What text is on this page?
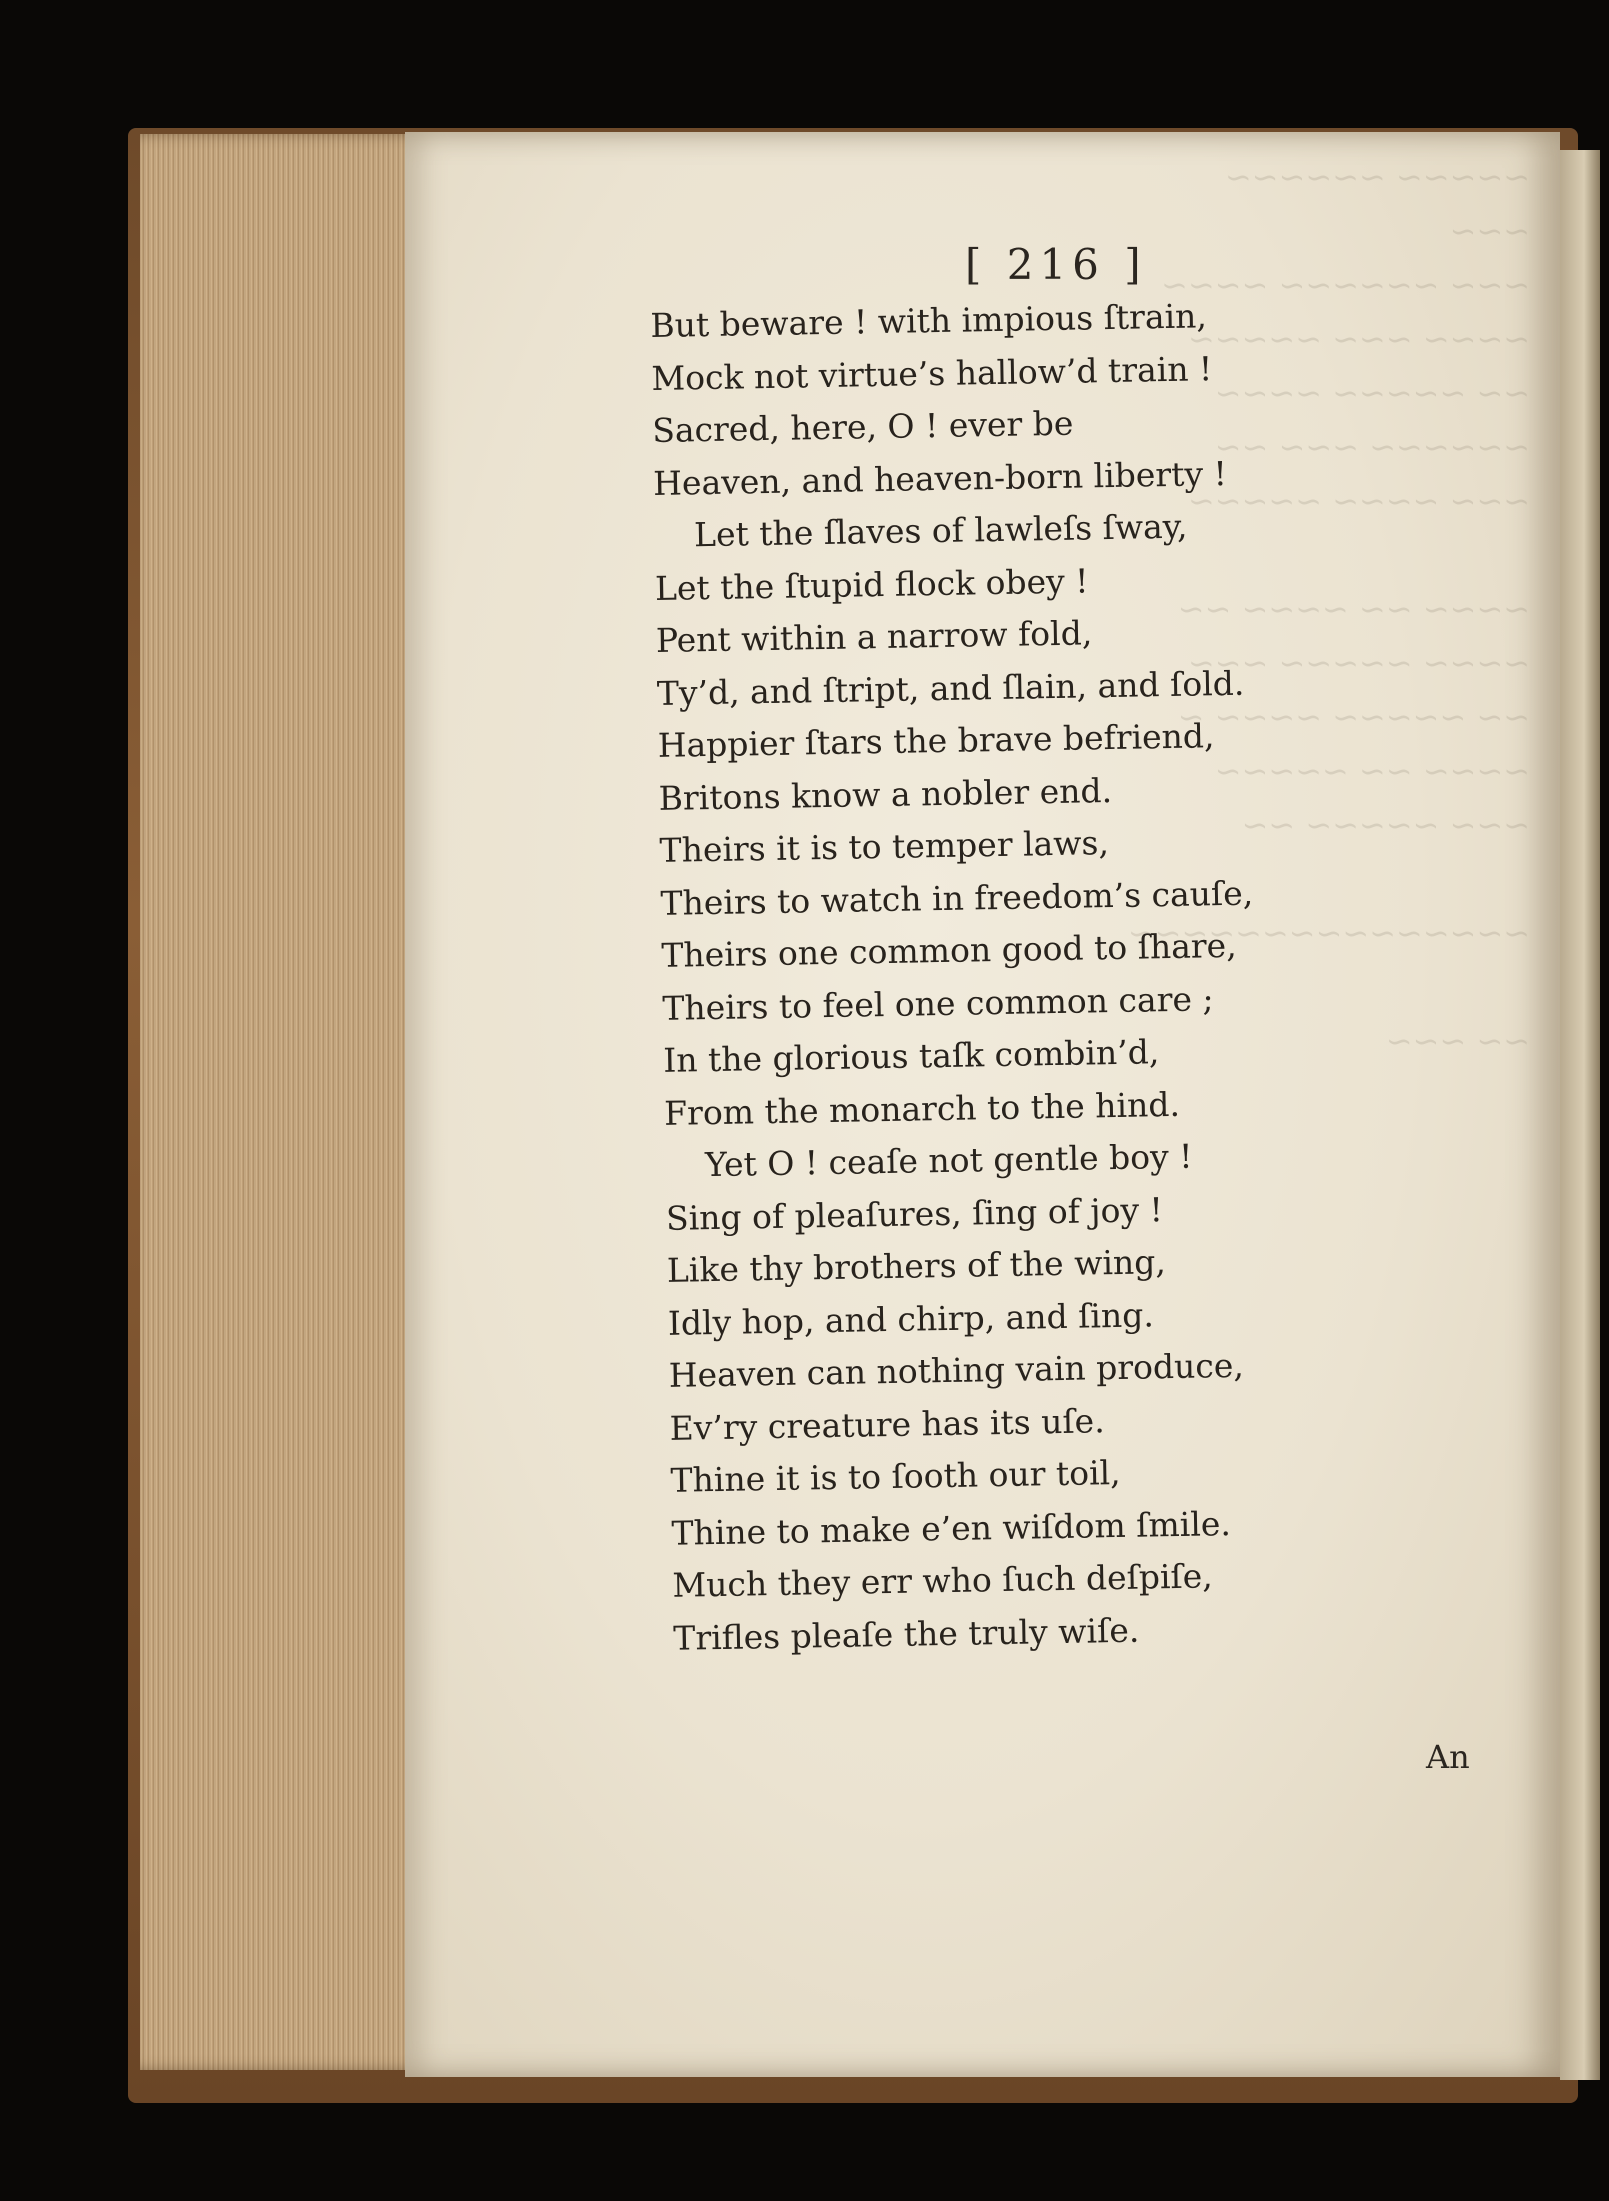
[ 216 ]
But beware ! with impious ſtrain,
Mock not virtue’s hallow’d train !
Sacred, here, O ! ever be
Heaven, and heaven-born liberty !
Let the ſlaves of lawleſs ſway,
Let the ſtupid flock obey !
Pent within a narrow fold,
Ty’d, and ſtript, and ſlain, and ſold.
Happier ſtars the brave befriend,
Britons know a nobler end.
Theirs it is to temper laws,
Theirs to watch in freedom’s cauſe,
Theirs one common good to ſhare,
Theirs to feel one common care ;
In the glorious taſk combin’d,
From the monarch to the hind.
Yet O ! ceaſe not gentle boy !
Sing of pleaſures, ſing of joy !
Like thy brothers of the wing,
Idly hop, and chirp, and ſing.
Heaven can nothing vain produce,
Ev’ry creature has its uſe.
Thine it is to ſooth our toil,
Thine to make e’en wiſdom ſmile.
Much they err who ſuch deſpiſe,
Trifles pleaſe the truly wiſe.
An
